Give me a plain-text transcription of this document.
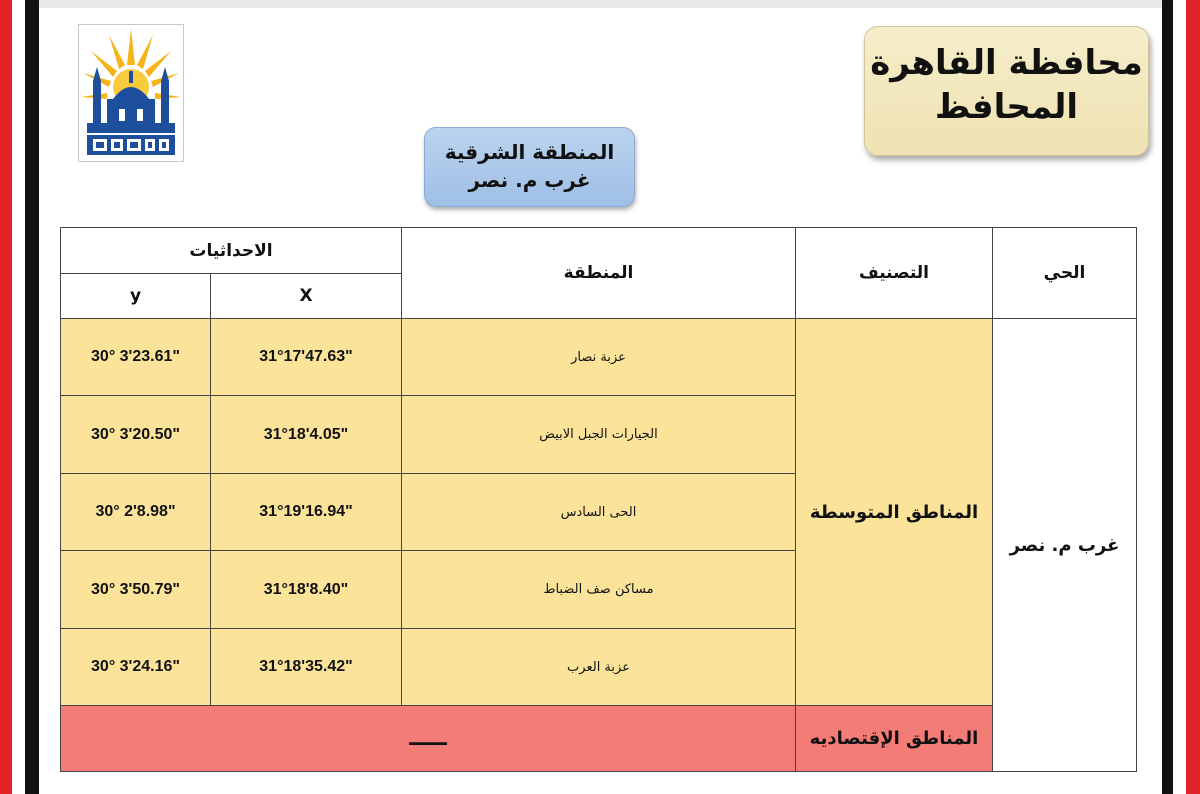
محافظة القاهرة
المحافظ
المنطقة الشرقية
غرب م. نصر
الاحداثيات		المنطقة	التصنيف	الحي
y	X			
30° 3'23.61"	31°17'47.63"	عزبة نصار	المناطق المتوسطة	غرب م. نصر
30° 3'20.50"	31°18'4.05"	الجيارات الجبل الابيض		
30° 2'8.98"	31°19'16.94"	الحى السادس		
30° 3'50.79"	31°18'8.40"	مساكن صف الضباط		
30° 3'24.16"	31°18'35.42"	عزبة العرب		
ـــــ			المناطق الإقتصاديه	
